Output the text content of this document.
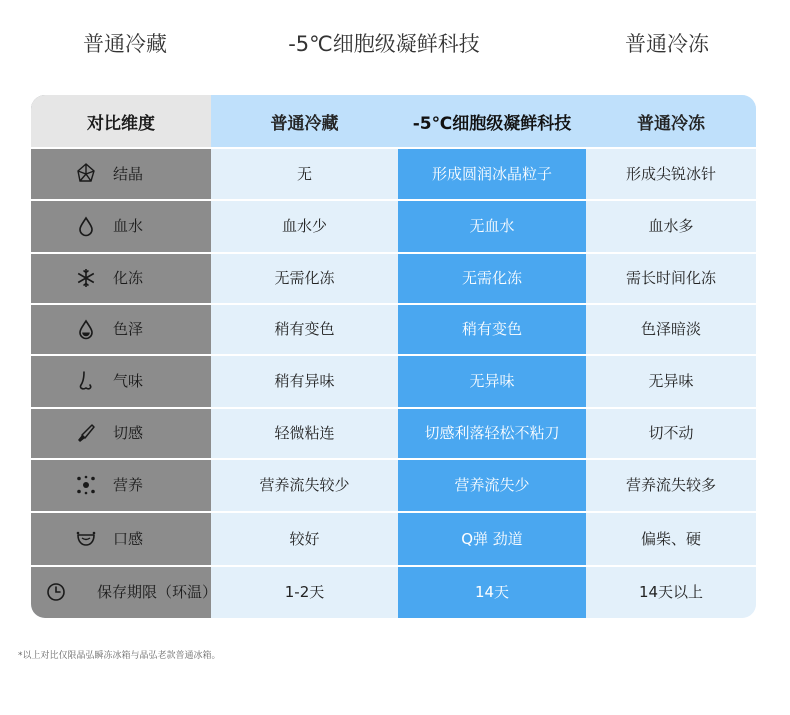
普通冷藏	-5℃细胞级凝鲜科技	普通冷冻
对比维度	普通冷藏	-5℃细胞级凝鲜科技	普通冷冻
结晶	无	形成圆润冰晶粒子	形成尖锐冰针
血水	血水少	无血水	血水多
化冻	无需化冻	无需化冻	需长时间化冻
色泽	稍有变色	稍有变色	色泽暗淡
气味	稍有异味	无异味	无异味
切感	轻微粘连	切感利落轻松不粘刀	切不动
营养	营养流失较少	营养流失少	营养流失较多
口感	较好	Q弹 劲道	偏柴、硬
保存期限（环温）	1-2天	14天	14天以上
*以上对比仅限晶弘瞬冻冰箱与晶弘老款普通冰箱。
